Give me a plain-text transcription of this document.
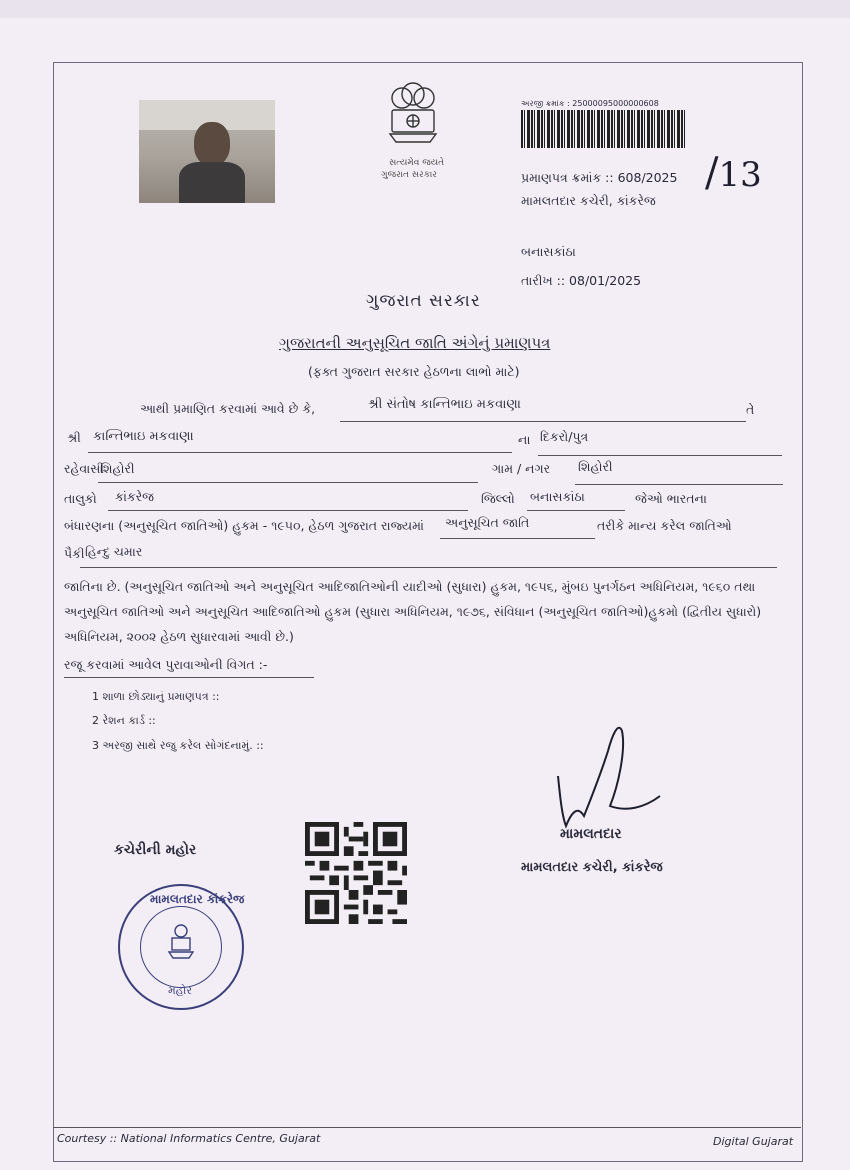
સત્યમેવ જયતે
ગુજરાત સરકાર
અરજી ક્રમાંક : 25000095000000608
પ્રમાણપત્ર ક્રમાંક :: 608/2025 /13
મામલતદાર કચેરી, કાંકરેજ
બનાસકાંઠા
તારીખ :: 08/01/2025
ગુજરાત સરકાર
ગુજરાતની અનુસૂચિત જાતિ અંગેનું પ્રમાણપત્ર
(ફક્ત ગુજરાત સરકાર હેઠળના લાભો માટે)
આથી પ્રમાણિત કરવામાં આવે છે કે,	શ્રી સંતોષ કાન્તિભાઇ મકવાણા	તે
શ્રી કાન્તિભાઇ મકવાણા	ના દિકરો/પુત્ર
રહેવાસી
શિહોરી	ગામ / નગર શિહોરી
તાલુકો કાંકરેજ	જિલ્લો બનાસકાંઠા	જેઓ ભારતના
બંધારણના (અનુસૂચિત જાતિઓ) હુકમ - ૧૯૫૦, હેઠળ ગુજરાત રાજ્યમાં અનુસૂચિત જાતિ	તરીકે માન્ય કરેલ જાતિઓ
પૈકી હિન્દુ ચમાર
જાતિના છે. (અનુસૂચિત જાતિઓ અને અનુસૂચિત આદિજાતિઓની યાદીઓ (સુધારા) હુકમ, ૧૯૫૬, મુંબઇ પુનર્ગઠન અધિનિયમ, ૧૯૬૦ તથા અનુસૂચિત જાતિઓ અને અનુસૂચિત આદિજાતિઓ હુકમ (સુધારા અધિનિયમ, ૧૯૭૬, સંવિધાન (અનુસૂચિત જાતિઓ)હુકમો (દ્વિતીય સુધારો) અધિનિયમ, ૨૦૦૨ હેઠળ સુધારવામાં આવી છે.)
રજૂ કરવામાં આવેલ પુરાવાઓની વિગત :-
1 શાળા છોડ્યાનું પ્રમાણપત્ર ::
2 રેશન કાર્ડ ::
3 અરજી સાથે રજુ કરેલ સોગંદનામું. ::
મામલતદાર
મામલતદાર કચેરી, કાંકરેજ
કચેરીની મહોર
મામલતદાર કાંકરેજ
મહોર
Courtesy :: National Informatics Centre, Gujarat	Digital Gujarat
